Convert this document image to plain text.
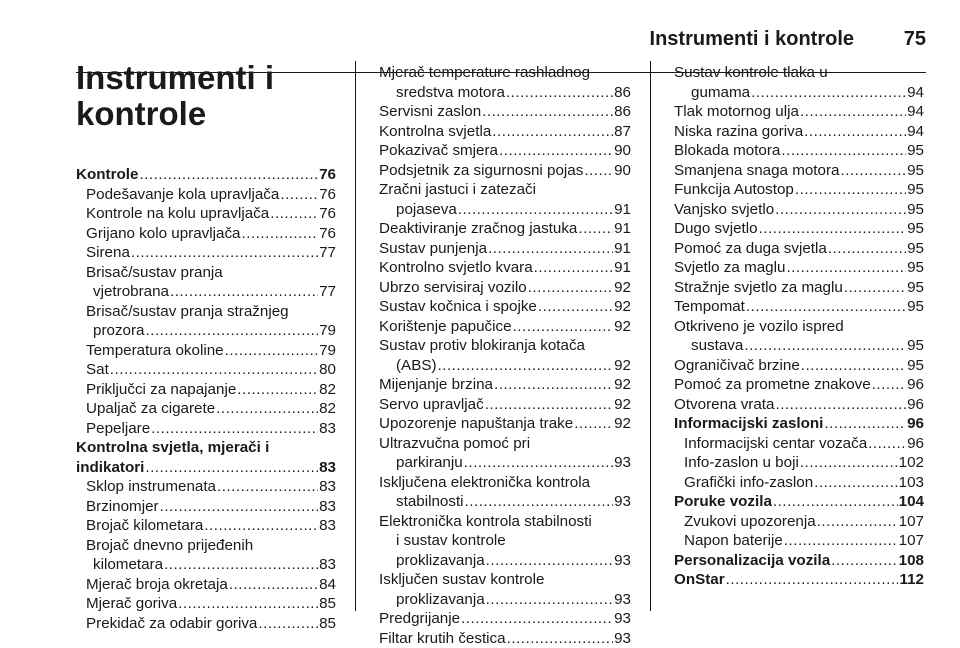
Instrumenti i kontrole 75
Instrumenti i
kontrole
Kontrole .....	76
Podešavanje kola upravljača .....	76
Kontrole na kolu upravljača .....	76
Grijano kolo upravljača .....	76
Sirena .....	77
Brisač/sustav pranja
vjetrobrana .....	77
Brisač/sustav pranja stražnjeg
prozora .....	79
Temperatura okoline .....	79
Sat .....	80
Priključci za napajanje .....	82
Upaljač za cigarete .....	82
Pepeljare .....	83
Kontrolna svjetla, mjerači i
indikatori .....	83
Sklop instrumenata .....	83
Brzinomjer .....	83
Brojač kilometara .....	83
Brojač dnevno prijeđenih
kilometara .....	83
Mjerač broja okretaja .....	84
Mjerač goriva .....	85
Prekidač za odabir goriva .....	85
Mjerač temperature rashladnog
sredstva motora .....	86
Servisni zaslon .....	86
Kontrolna svjetla .....	87
Pokazivač smjera .....	90
Podsjetnik za sigurnosni pojas ..... 90
Zračni jastuci i zatezači
pojaseva .....	91
Deaktiviranje zračnog jastuka ..... 91
Sustav punjenja .....	91
Kontrolno svjetlo kvara .....	91
Ubrzo servisiraj vozilo .....	92
Sustav kočnica i spojke .....	92
Korištenje papučice .....	92
Sustav protiv blokiranja kotača
(ABS) .....	92
Mijenjanje brzina .....	92
Servo upravljač .....	92
Upozorenje napuštanja trake .....	92
Ultrazvučna pomoć pri
parkiranju .....	93
Isključena elektronička kontrola
stabilnosti .....	93
Elektronička kontrola stabilnosti
i sustav kontrole
proklizavanja .....	93
Isključen sustav kontrole
proklizavanja .....	93
Predgrijanje .....	93
Filtar krutih čestica .....	93
Sustav kontrole tlaka u
gumama .....	94
Tlak motornog ulja .....	94
Niska razina goriva .....	94
Blokada motora .....	95
Smanjena snaga motora .....	95
Funkcija Autostop .....	95
Vanjsko svjetlo .....	95
Dugo svjetlo .....	95
Pomoć za duga svjetla .....	95
Svjetlo za maglu .....	95
Stražnje svjetlo za maglu .....	95
Tempomat .....	95
Otkriveno je vozilo ispred
sustava .....	95
Ograničivač brzine .....	95
Pomoć za prometne znakove ..... 96
Otvorena vrata .....	96
Informacijski zasloni .....	96
Informacijski centar vozača .....	96
Info-zaslon u boji .....	102
Grafički info-zaslon .....	103
Poruke vozila .....	104
Zvukovi upozorenja .....	107
Napon baterije .....	107
Personalizacija vozila .....	108
OnStar .....	112
